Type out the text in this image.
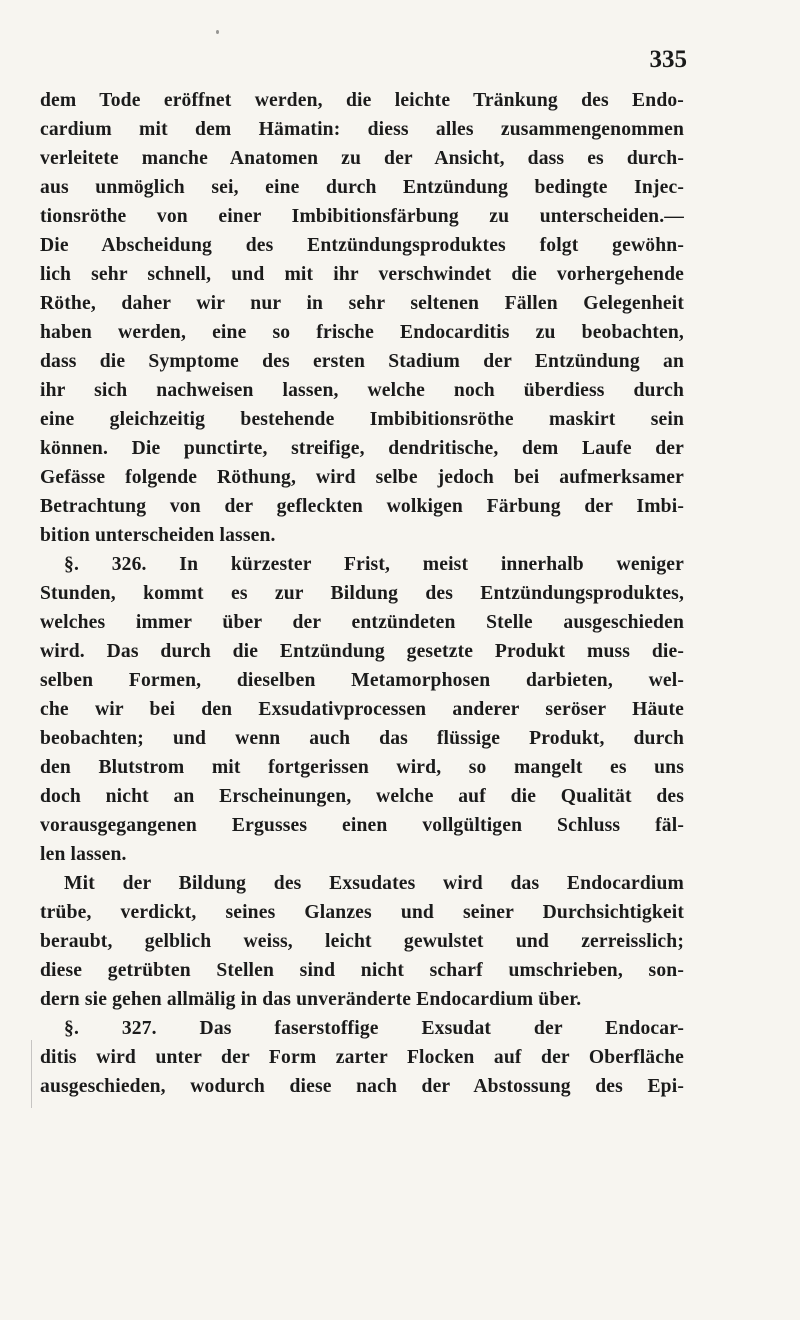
335
dem Tode eröffnet werden, die leichte Tränkung des Endo-
cardium mit dem Hämatin: diess alles zusammengenommen
verleitete manche Anatomen zu der Ansicht, dass es durch-
aus unmöglich sei, eine durch Entzündung bedingte Injec-
tionsröthe von einer Imbibitionsfärbung zu unterscheiden.—
Die Abscheidung des Entzündungsproduktes folgt gewöhn-
lich sehr schnell, und mit ihr verschwindet die vorhergehende
Röthe, daher wir nur in sehr seltenen Fällen Gelegenheit
haben werden, eine so frische Endocarditis zu beobachten,
dass die Symptome des ersten Stadium der Entzündung an
ihr sich nachweisen lassen, welche noch überdiess durch
eine gleichzeitig bestehende Imbibitionsröthe maskirt sein
können. Die punctirte, streifige, dendritische, dem Laufe der
Gefässe folgende Röthung, wird selbe jedoch bei aufmerksamer
Betrachtung von der gefleckten wolkigen Färbung der Imbi-
bition unterscheiden lassen.
§. 326. In kürzester Frist, meist innerhalb weniger
Stunden, kommt es zur Bildung des Entzündungsproduktes,
welches immer über der entzündeten Stelle ausgeschieden
wird. Das durch die Entzündung gesetzte Produkt muss die-
selben Formen, dieselben Metamorphosen darbieten, wel-
che wir bei den Exsudativprocessen anderer seröser Häute
beobachten; und wenn auch das flüssige Produkt, durch
den Blutstrom mit fortgerissen wird, so mangelt es uns
doch nicht an Erscheinungen, welche auf die Qualität des
vorausgegangenen Ergusses einen vollgültigen Schluss fäl-
len lassen.
Mit der Bildung des Exsudates wird das Endocardium
trübe, verdickt, seines Glanzes und seiner Durchsichtigkeit
beraubt, gelblich weiss, leicht gewulstet und zerreisslich;
diese getrübten Stellen sind nicht scharf umschrieben, son-
dern sie gehen allmälig in das unveränderte Endocardium über.
§. 327. Das faserstoffige Exsudat der Endocar-
ditis wird unter der Form zarter Flocken auf der Oberfläche
ausgeschieden, wodurch diese nach der Abstossung des Epi-
